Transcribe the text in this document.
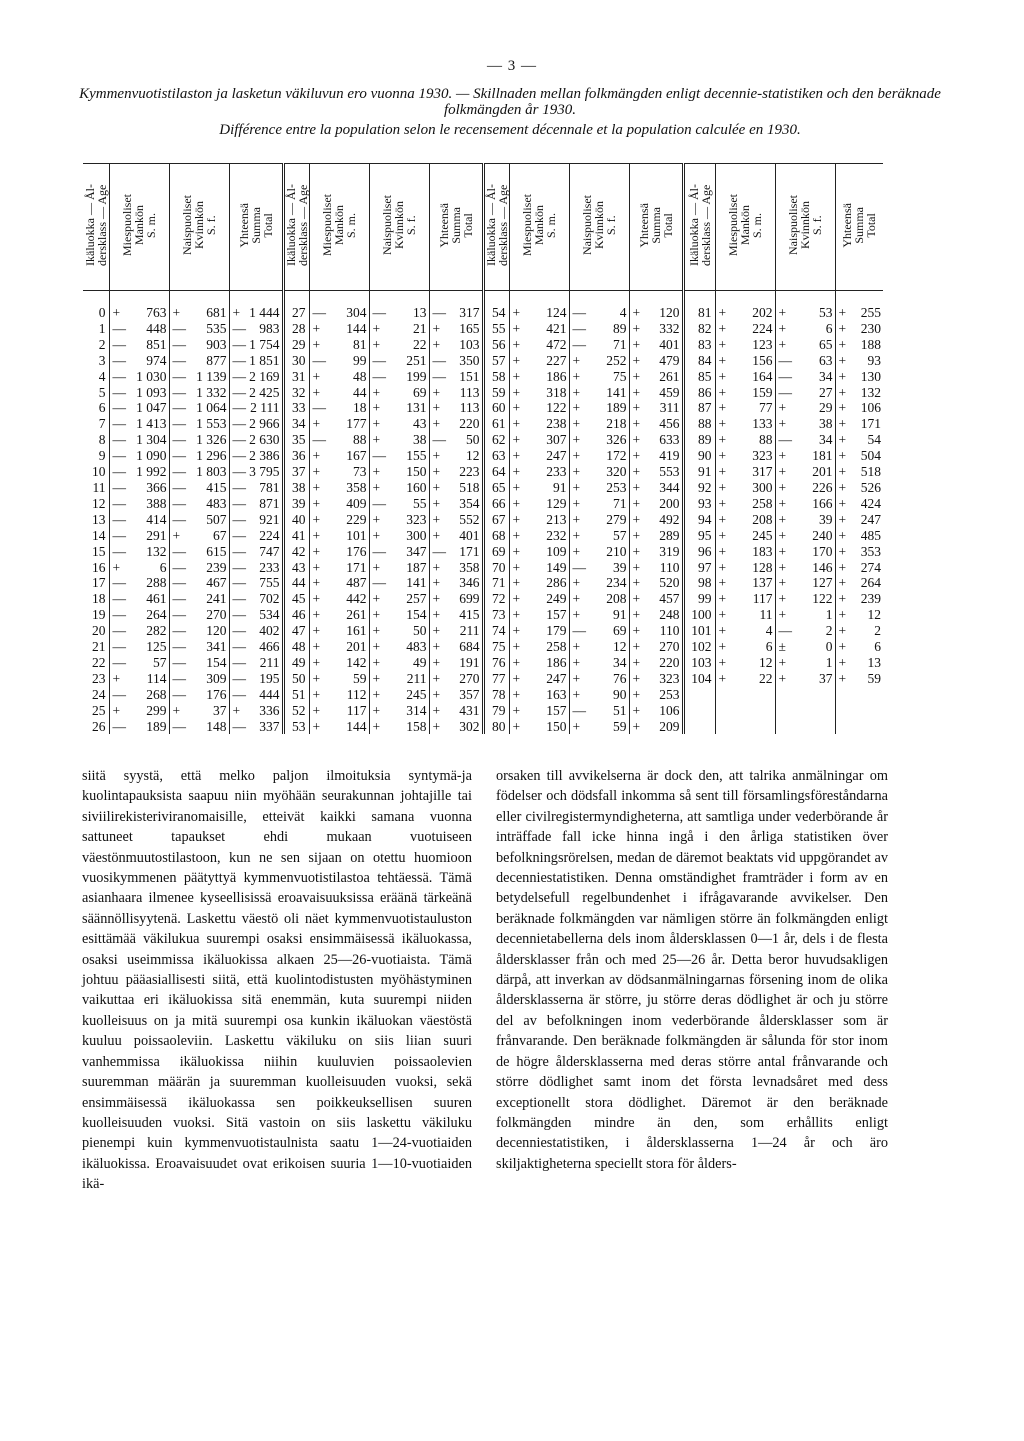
— 3 —
Kymmenvuotistilaston ja lasketun väkiluvun ero vuonna 1930. — Skillnaden mellan folkmängden enligt decennie-statistiken och den beräknade folkmängden år 1930.
Différence entre la population selon le recensement décennale et la population calculée en 1930.
Ikäluokka — Ål-
dersklass — Age	Miespuoliset
Mankön
S. m.	Naispuoliset
Kvinnkön
S. f.	Yhteensä
Summa
Total	Ikäluokka — Ål-
dersklass — Age	Miespuoliset
Mankön
S. m.	Naispuoliset
Kvinnkön
S. f.	Yhteensä
Summa
Total	Ikäluokka — Ål-
dersklass — Age	Miespuoliset
Mankön
S. m.	Naispuoliset
Kvinnkön
S. f.	Yhteensä
Summa
Total	Ikäluokka — Ål-
dersklass — Age	Miespuoliset
Mankön
S. m.	Naispuoliset
Kvinnkön
S. f.	Yhteensä
Summa
Total
0	+ 763	+ 681	+ 1 444	27	— 304	— 13	— 317	54	+ 124	— 4	+ 120	81	+ 202	+ 53	+ 255
1	— 448	— 535	— 983	28	+ 144	+ 21	+ 165	55	+ 421	— 89	+ 332	82	+ 224	+ 6	+ 230
2	— 851	— 903	— 1 754	29	+ 81	+ 22	+ 103	56	+ 472	— 71	+ 401	83	+ 123	+ 65	+ 188
3	— 974	— 877	— 1 851	30	— 99	— 251	— 350	57	+ 227	+ 252	+ 479	84	+ 156	— 63	+ 93
4	— 1 030	— 1 139	— 2 169	31	+ 48	— 199	— 151	58	+ 186	+ 75	+ 261	85	+ 164	— 34	+ 130
5	— 1 093	— 1 332	— 2 425	32	+ 44	+ 69	+ 113	59	+ 318	+ 141	+ 459	86	+ 159	— 27	+ 132
6	— 1 047	— 1 064	— 2 111	33	— 18	+ 131	+ 113	60	+ 122	+ 189	+ 311	87	+ 77	+ 29	+ 106
7	— 1 413	— 1 553	— 2 966	34	+ 177	+ 43	+ 220	61	+ 238	+ 218	+ 456	88	+ 133	+ 38	+ 171
8	— 1 304	— 1 326	— 2 630	35	— 88	+ 38	— 50	62	+ 307	+ 326	+ 633	89	+ 88	— 34	+ 54
9	— 1 090	— 1 296	— 2 386	36	+ 167	— 155	+ 12	63	+ 247	+ 172	+ 419	90	+ 323	+ 181	+ 504
10	— 1 992	— 1 803	— 3 795	37	+ 73	+ 150	+ 223	64	+ 233	+ 320	+ 553	91	+ 317	+ 201	+ 518
11	— 366	— 415	— 781	38	+ 358	+ 160	+ 518	65	+ 91	+ 253	+ 344	92	+ 300	+ 226	+ 526
12	— 388	— 483	— 871	39	+ 409	— 55	+ 354	66	+ 129	+ 71	+ 200	93	+ 258	+ 166	+ 424
13	— 414	— 507	— 921	40	+ 229	+ 323	+ 552	67	+ 213	+ 279	+ 492	94	+ 208	+ 39	+ 247
14	— 291	+ 67	— 224	41	+ 101	+ 300	+ 401	68	+ 232	+ 57	+ 289	95	+ 245	+ 240	+ 485
15	— 132	— 615	— 747	42	+ 176	— 347	— 171	69	+ 109	+ 210	+ 319	96	+ 183	+ 170	+ 353
16	+ 6	— 239	— 233	43	+ 171	+ 187	+ 358	70	+ 149	— 39	+ 110	97	+ 128	+ 146	+ 274
17	— 288	— 467	— 755	44	+ 487	— 141	+ 346	71	+ 286	+ 234	+ 520	98	+ 137	+ 127	+ 264
18	— 461	— 241	— 702	45	+ 442	+ 257	+ 699	72	+ 249	+ 208	+ 457	99	+ 117	+ 122	+ 239
19	— 264	— 270	— 534	46	+ 261	+ 154	+ 415	73	+ 157	+ 91	+ 248	100	+ 11	+ 1	+ 12
20	— 282	— 120	— 402	47	+ 161	+ 50	+ 211	74	+ 179	— 69	+ 110	101	+ 4	— 2	+ 2
21	— 125	— 341	— 466	48	+ 201	+ 483	+ 684	75	+ 258	+ 12	+ 270	102	+ 6	± 0	+ 6
22	— 57	— 154	— 211	49	+ 142	+ 49	+ 191	76	+ 186	+ 34	+ 220	103	+ 12	+ 1	+ 13
23	+ 114	— 309	— 195	50	+ 59	+ 211	+ 270	77	+ 247	+ 76	+ 323	104	+ 22	+ 37	+ 59
24	— 268	— 176	— 444	51	+ 112	+ 245	+ 357	78	+ 163	+ 90	+ 253				
25	+ 299	+ 37	+ 336	52	+ 117	+ 314	+ 431	79	+ 157	— 51	+ 106				
26	— 189	— 148	— 337	53	+ 144	+ 158	+ 302	80	+ 150	+ 59	+ 209				
siitä syystä, että melko paljon ilmoituksia syntymä-ja kuolintapauksista saapuu niin myöhään seurakunnan johtajille tai siviilirekisteriviranomaisille, etteivät kaikki samana vuonna sattuneet tapaukset ehdi mukaan vuotuiseen väestönmuutostilastoon, kun ne sen sijaan on otettu huomioon vuosikymmenen päätyttyä kymmenvuotistilastoa tehtäessä. Tämä asianhaara ilmenee kyseellisissä eroavaisuuksissa eräänä tärkeänä säännöllisyytenä. Laskettu väestö oli näet kymmenvuotistauluston esittämää väkilukua suurempi osaksi ensimmäisessä ikäluokassa, osaksi useimmissa ikäluokissa alkaen 25—26-vuotiaista. Tämä johtuu pääasiallisesti siitä, että kuolintodistusten myöhästyminen vaikuttaa eri ikäluokissa sitä enemmän, kuta suurempi niiden kuolleisuus on ja mitä suurempi osa kunkin ikäluokan väestöstä kuuluu poissaoleviin. Laskettu väkiluku on siis liian suuri vanhemmissa ikäluokissa niihin kuuluvien poissaolevien suuremman määrän ja suuremman kuolleisuuden vuoksi, sekä ensimmäisessä ikäluokassa sen poikkeuksellisen suuren kuolleisuuden vuoksi. Sitä vastoin on siis laskettu väkiluku pienempi kuin kymmenvuotistaulnista saatu 1—24-vuotiaiden ikäluokissa. Eroavaisuudet ovat erikoisen suuria 1—10-vuotiaiden ikä-
orsaken till avvikelserna är dock den, att talrika anmälningar om födelser och dödsfall inkomma så sent till församlingsföreståndarna eller civilregistermyndigheterna, att samtliga under vederbörande år inträffade fall icke hinna ingå i den årliga statistiken över befolkningsrörelsen, medan de däremot beaktats vid uppgörandet av decenniestatistiken. Denna omständighet framträder i form av en betydelsefull regelbundenhet i ifrågavarande avvikelser. Den beräknade folkmängden var nämligen större än folkmängden enligt decennietabellerna dels inom åldersklassen 0—1 år, dels i de flesta åldersklasser från och med 25—26 år. Detta beror huvudsakligen därpå, att inverkan av dödsanmälningarnas försening inom de olika åldersklasserna är större, ju större deras dödlighet är och ju större del av befolkningen inom vederbörande åldersklasser som är frånvarande. Den beräknade folkmängden är sålunda för stor inom de högre åldersklasserna med deras större antal frånvarande och större dödlighet samt inom det första levnadsåret med dess exceptionellt stora dödlighet. Däremot är den beräknade folkmängden mindre än den, som erhållits enligt decenniestatistiken, i åldersklasserna 1—24 år och äro skiljaktigheterna speciellt stora för ålders-
